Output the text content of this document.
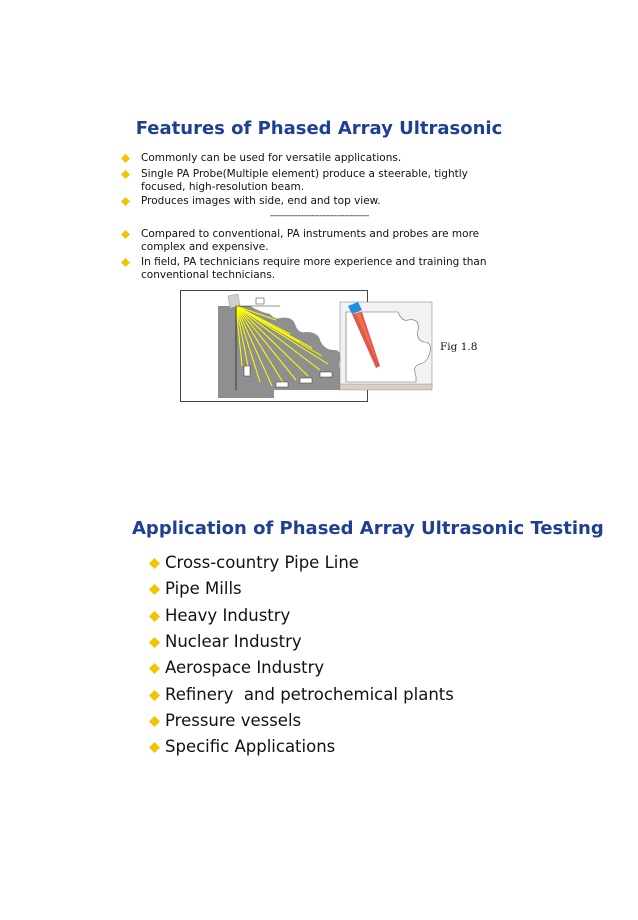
Features of Phased Array Ultrasonic
Commonly can be used for versatile applications.
Single PA Probe(Multiple element) produce a steerable, tightly focused, high-resolution beam.
Produces images with side, end and top view.
------------------------------------
Compared to conventional, PA instruments and probes are more complex and expensive.
In field, PA technicians require more experience and training than conventional technicians.
Fig 1.8
Application of Phased Array Ultrasonic Testing
Cross-country Pipe Line
Pipe Mills
Heavy Industry
Nuclear Industry
Aerospace Industry
Refinery  and petrochemical plants
Pressure vessels
Specific Applications
